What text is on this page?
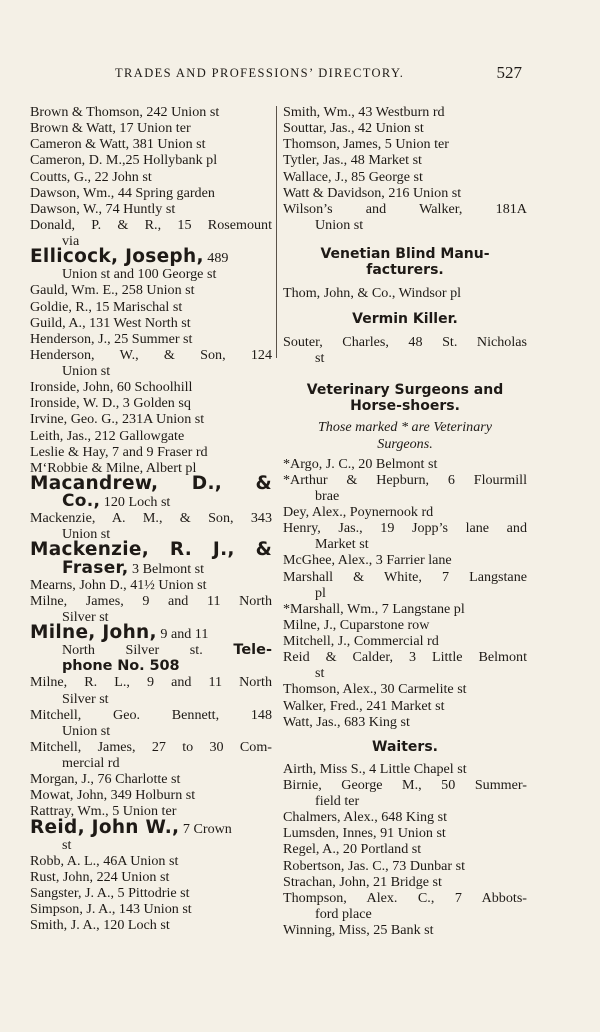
TRADES AND PROFESSIONS’ DIRECTORY.	527
Brown & Thomson, 242 Union st
Brown & Watt, 17 Union ter
Cameron & Watt, 381 Union st
Cameron, D. M.,25 Hollybank pl
Coutts, G., 22 John st
Dawson, Wm., 44 Spring garden
Dawson, W., 74 Huntly st
Donald, P. & R., 15 Rosemount
via
Ellicock, Joseph, 489
Union st and 100 George st
Gauld, Wm. E., 258 Union st
Goldie, R., 15 Marischal st
Guild, A., 131 West North st
Henderson, J., 25 Summer st
Henderson, W., & Son, 124
Union st
Ironside, John, 60 Schoolhill
Ironside, W. D., 3 Golden sq
Irvine, Geo. G., 231A Union st
Leith, Jas., 212 Gallowgate
Leslie & Hay, 7 and 9 Fraser rd
M‘Robbie & Milne, Albert pl
Macandrew, D., &
Co., 120 Loch st
Mackenzie, A. M., & Son, 343
Union st
Mackenzie, R. J., &
Fraser, 3 Belmont st
Mearns, John D., 41½ Union st
Milne, James, 9 and 11 North
Silver st
Milne, John, 9 and 11
North Silver st. Tele-
phone No. 508
Milne, R. L., 9 and 11 North
Silver st
Mitchell, Geo. Bennett, 148
Union st
Mitchell, James, 27 to 30 Com-
mercial rd
Morgan, J., 76 Charlotte st
Mowat, John, 349 Holburn st
Rattray, Wm., 5 Union ter
Reid, John W., 7 Crown
st
Robb, A. L., 46A Union st
Rust, John, 224 Union st
Sangster, J. A., 5 Pittodrie st
Simpson, J. A., 143 Union st
Smith, J. A., 120 Loch st
Smith, Wm., 43 Westburn rd
Souttar, Jas., 42 Union st
Thomson, James, 5 Union ter
Tytler, Jas., 48 Market st
Wallace, J., 85 George st
Watt & Davidson, 216 Union st
Wilson’s and Walker, 181A
Union st
Venetian Blind Manu-
facturers.
Thom, John, & Co., Windsor pl
Vermin Killer.
Souter, Charles, 48 St. Nicholas
st
Veterinary Surgeons and
Horse-shoers.
Those marked * are Veterinary
Surgeons.
*Argo, J. C., 20 Belmont st
*Arthur & Hepburn, 6 Flourmill
brae
Dey, Alex., Poynernook rd
Henry, Jas., 19 Jopp’s lane and
Market st
McGhee, Alex., 3 Farrier lane
Marshall & White, 7 Langstane
pl
*Marshall, Wm., 7 Langstane pl
Milne, J., Cuparstone row
Mitchell, J., Commercial rd
Reid & Calder, 3 Little Belmont
st
Thomson, Alex., 30 Carmelite st
Walker, Fred., 241 Market st
Watt, Jas., 683 King st
Waiters.
Airth, Miss S., 4 Little Chapel st
Birnie, George M., 50 Summer-
field ter
Chalmers, Alex., 648 King st
Lumsden, Innes, 91 Union st
Regel, A., 20 Portland st
Robertson, Jas. C., 73 Dunbar st
Strachan, John, 21 Bridge st
Thompson, Alex. C., 7 Abbots-
ford place
Winning, Miss, 25 Bank st
